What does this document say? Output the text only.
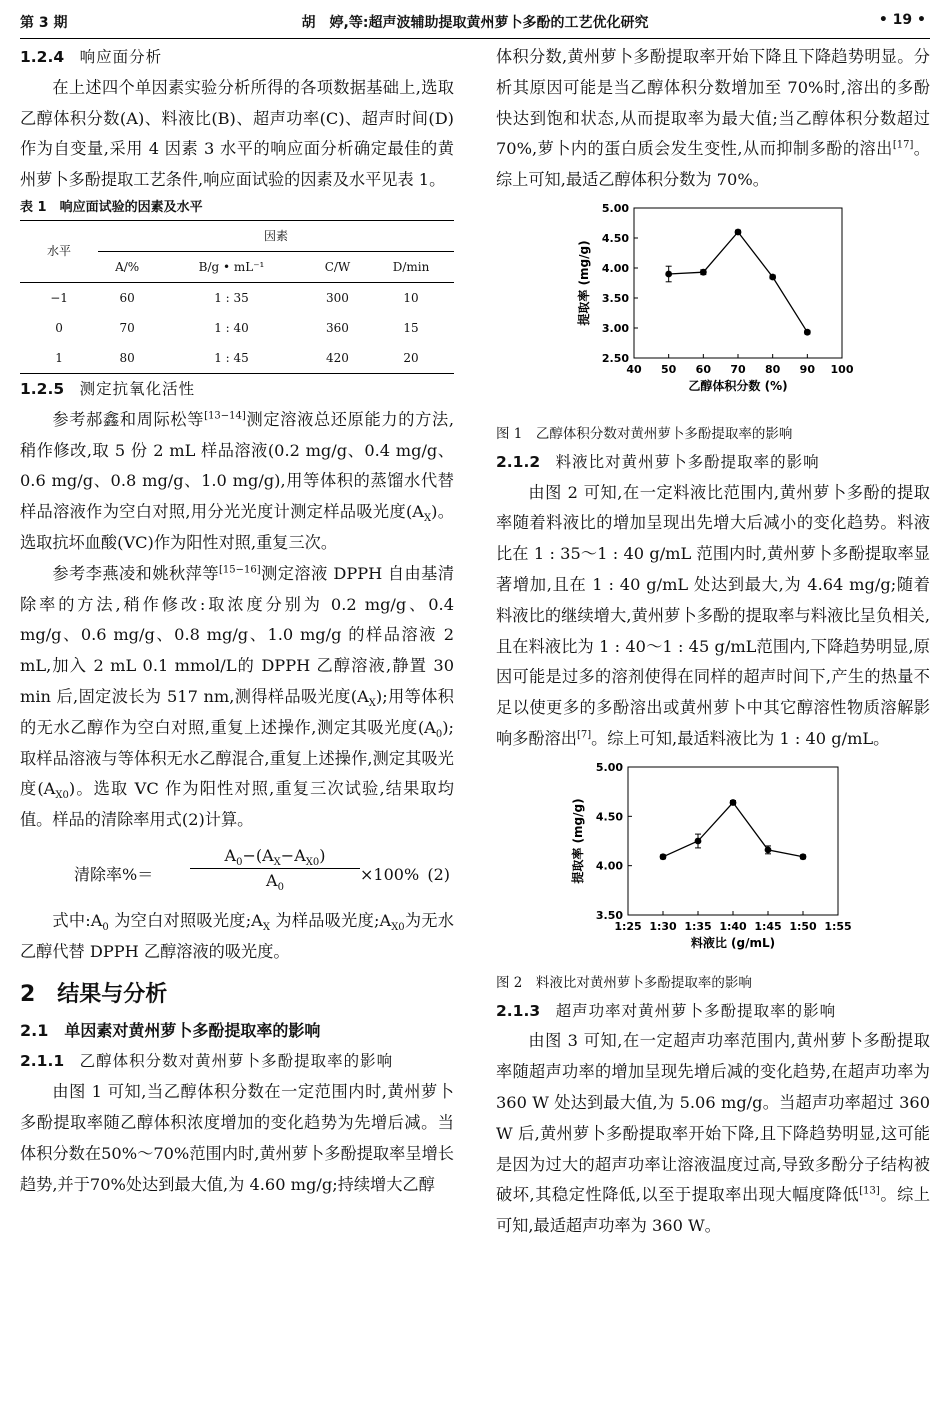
第 3 期	胡　婷,等:超声波辅助提取黄州萝卜多酚的工艺优化研究	• 19 •

1.2.4　 响应面分析

在上述四个单因素实验分析所得的各项数据基础上,选取乙醇体积分数(A)、料液比(B)、超声功率(C)、超声时间(D)作为自变量,采用 4 因素 3 水平的响应面分析确定最佳的黄州萝卜多酚提取工艺条件,响应面试验的因素及水平见表 1。

表 1　响应面试验的因素及水平

水平	因素			
	A/%	B/g • mL⁻¹	C/W	D/min
−1	60	1 : 35	300	10
0	70	1 : 40	360	15
1	80	1 : 45	420	20

1.2.5　 测定抗氧化活性

参考郝鑫和周际松等[13−14]测定溶液总还原能力的方法,稍作修改,取 5 份 2 mL 样品溶液(0.2 mg/g、0.4 mg/g、0.6 mg/g、0.8 mg/g、1.0 mg/g),用等体积的蒸馏水代替样品溶液作为空白对照,用分光光度计测定样品吸光度$(A_X)$。选取抗坏血酸(VC)作为阳性对照,重复三次。

参考李燕凌和姚秋萍等[15−16]测定溶液 DPPH 自由基清除率的方法,稍作修改:取浓度分别为 0.2 mg/g、0.4 mg/g、0.6 mg/g、0.8 mg/g、1.0 mg/g 的样品溶液 2 mL,加入 2 mL 0.1 mmol/L的 DPPH 乙醇溶液,静置 30 min 后,固定波长为 517 nm,测得样品吸光度$(A_X)$;用等体积的无水乙醇作为空白对照,重复上述操作,测定其吸光度$(A_0)$;取样品溶液与等体积无水乙醇混合,重复上述操作,测定其吸光度$(A_{X0})$。选取 VC 作为阳性对照,重复三次试验,结果取均值。样品的清除率用式(2)计算。

清除率%＝ $\frac{A_0-(A_X-A_{X0})}{A_0} \times 100\%$ (2)

式中$:A_0$ 为空白对照吸光度$;A_X$ 为样品吸光度$;A_{X0}$为无水乙醇代替 DPPH 乙醇溶液的吸光度。

2　结果与分析

2.1　单因素对黄州萝卜多酚提取率的影响

2.1.1　 乙醇体积分数对黄州萝卜多酚提取率的影响

由图 1 可知,当乙醇体积分数在一定范围内时,黄州萝卜多酚提取率随乙醇体积浓度增加的变化趋势为先增后减。当体积分数在50%～70%范围内时,黄州萝卜多酚提取率呈增长趋势,并于70%处达到最大值,为 4.60 mg/g;持续增大乙醇

体积分数,黄州萝卜多酚提取率开始下降且下降趋势明显。分析其原因可能是当乙醇体积分数增加至 70%时,溶出的多酚快达到饱和状态,从而提取率为最大值;当乙醇体积分数超过 70%,萝卜内的蛋白质会发生变性,从而抑制多酚的溶出[17]。综上可知,最适乙醇体积分数为 70%。

40 50 60 70 80 90 100
2.50
3.00
3.50
4.00
4.50
5.00
乙醇体积分数 (%)
提取率 (mg/g)

图 1　乙醇体积分数对黄州萝卜多酚提取率的影响

2.1.2　 料液比对黄州萝卜多酚提取率的影响

由图 2 可知,在一定料液比范围内,黄州萝卜多酚的提取率随着料液比的增加呈现出先增大后减小的变化趋势。料液比在 1 : 35～1 : 40 g/mL 范围内时,黄州萝卜多酚提取率显著增加,且在 1 : 40 g/mL 处达到最大,为 4.64 mg/g;随着料液比的继续增大,黄州萝卜多酚的提取率与料液比呈负相关,且在料液比为 1 : 40～1 : 45 g/mL范围内,下降趋势明显,原因可能是过多的溶剂使得在同样的超声时间下,产生的热量不足以使更多的多酚溶出或黄州萝卜中其它醇溶性物质溶解影响多酚溶出[7]。综上可知,最适料液比为 1 : 40 g/mL。

1:25 1:30 1:35 1:40 1:45 1:50 1:55
3.50
4.00
4.50
5.00
料液比 (g/mL)
提取率 (mg/g)

图 2　料液比对黄州萝卜多酚提取率的影响

2.1.3　 超声功率对黄州萝卜多酚提取率的影响

由图 3 可知,在一定超声功率范围内,黄州萝卜多酚提取率随超声功率的增加呈现先增后减的变化趋势,在超声功率为 360 W 处达到最大值,为 5.06 mg/g。当超声功率超过 360 W 后,黄州萝卜多酚提取率开始下降,且下降趋势明显,这可能是因为过大的超声功率让溶液温度过高,导致多酚分子结构被破坏,其稳定性降低,以至于提取率出现大幅度降低[13]。综上可知,最适超声功率为 360 W。
